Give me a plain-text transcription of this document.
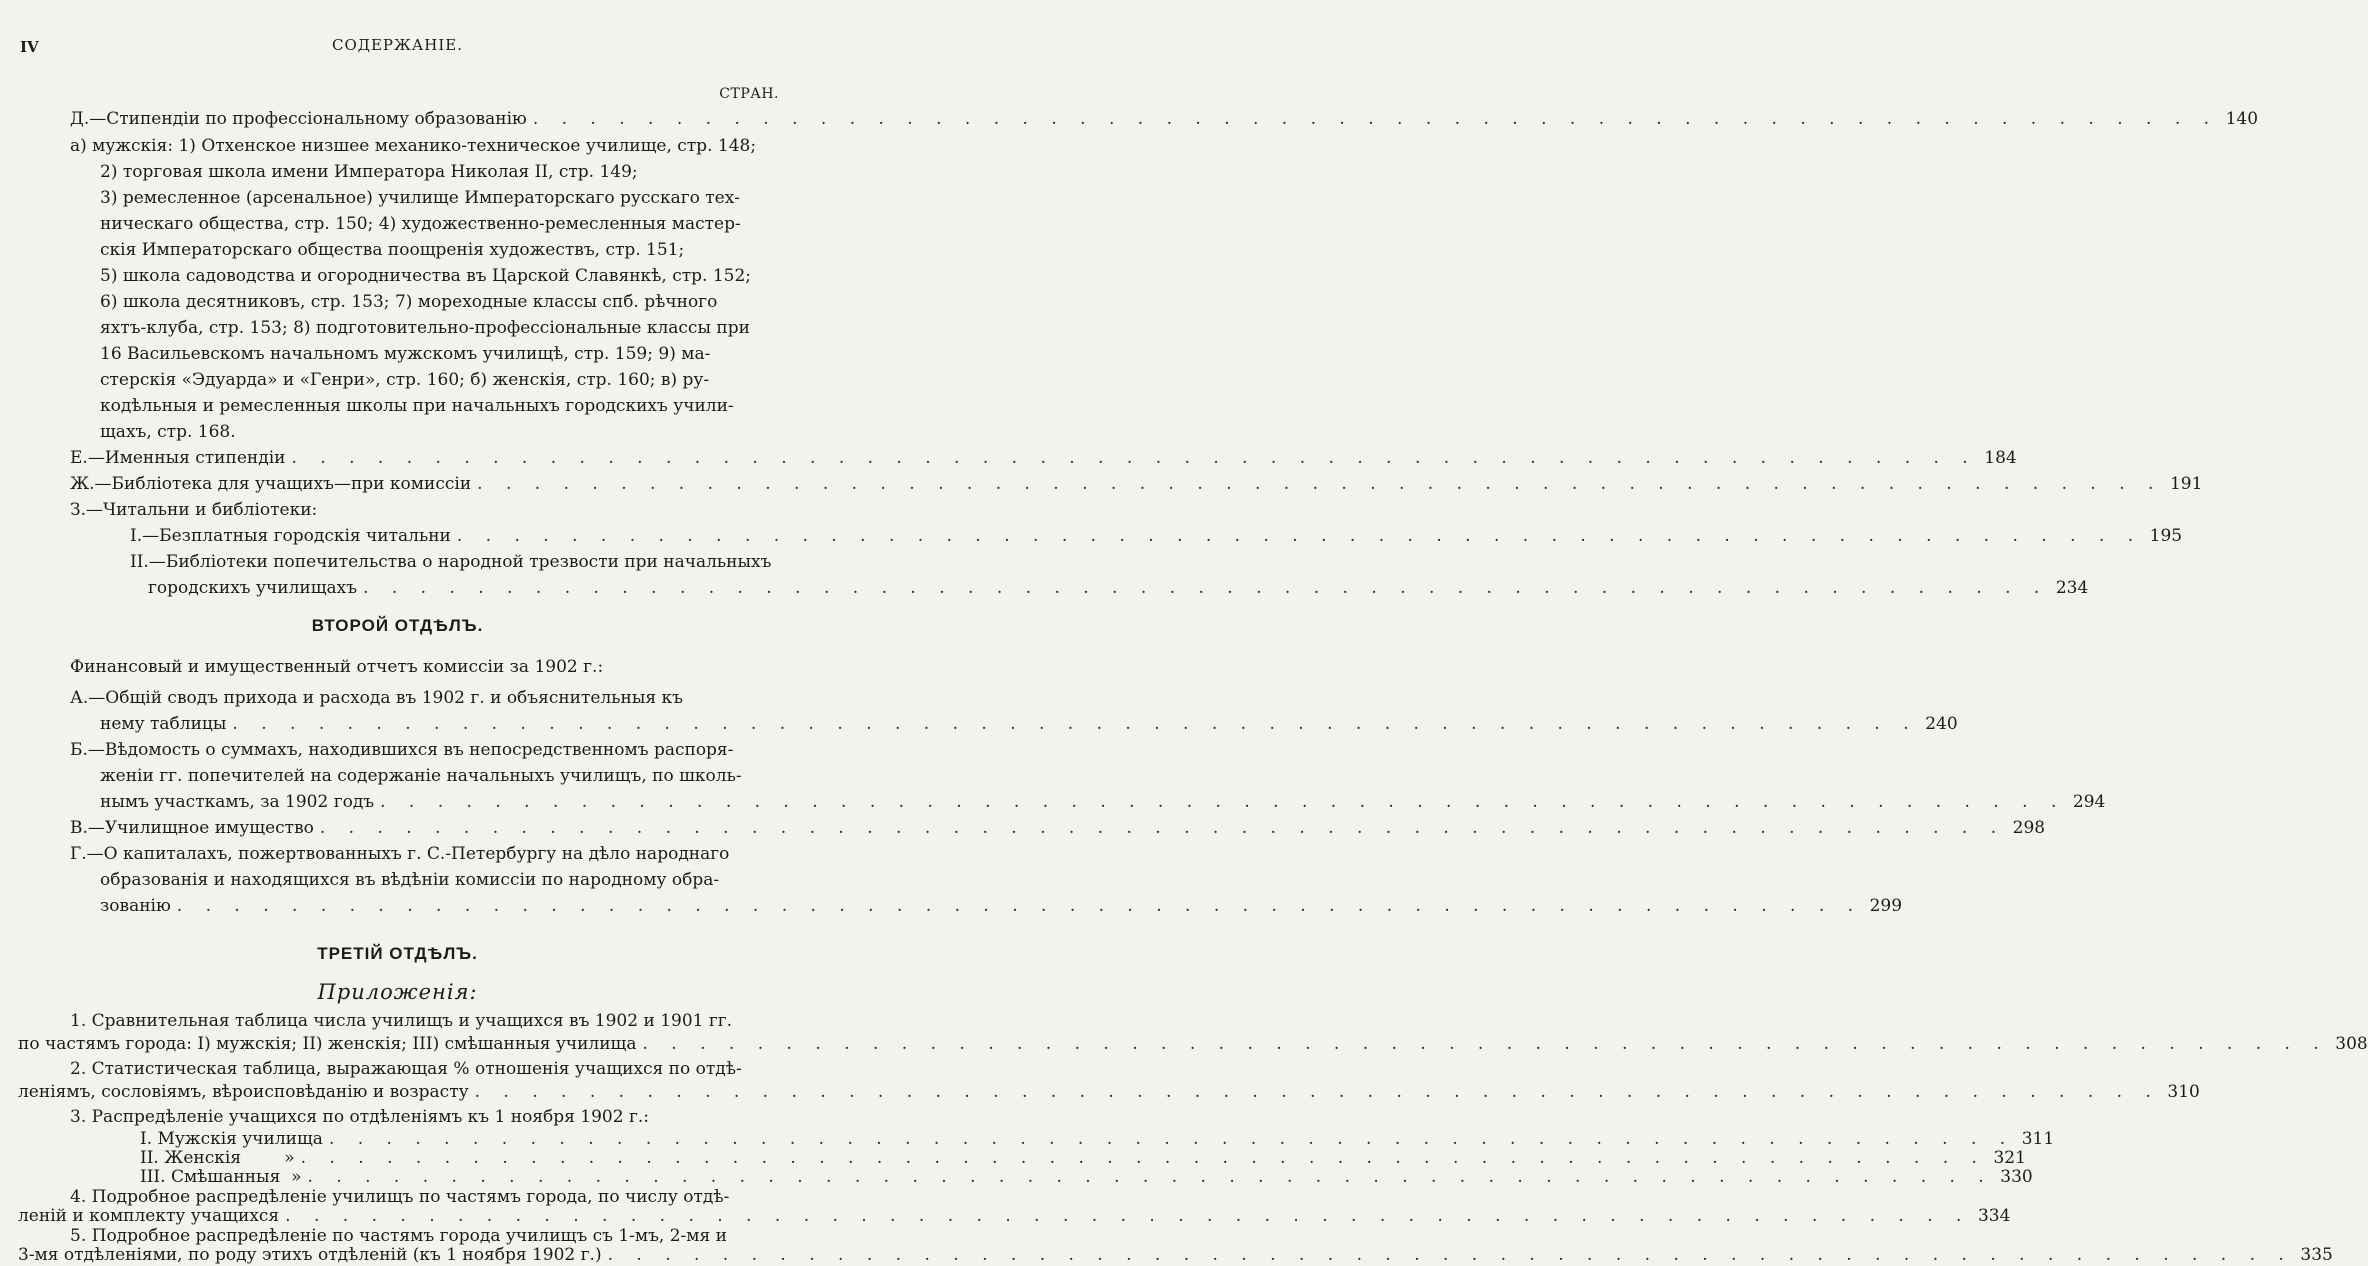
IV	СОДЕРЖАНІЕ.
СТРАН.
Д.—Стипендіи по профессіональному образованію . . . . . . . . . . . . . . . . . . . . . . . . . . . . . . . . . . . . . . . . . . . . . . . . . . . . . . . . . . . 140
а) мужскія: 1) Отхенское низшее механико-техническое училище, стр. 148;
2) торговая школа имени Императора Николая II, стр. 149;
3) ремесленное (арсенальное) училище Императорскаго русскаго тех-
ническаго общества, стр. 150; 4) художественно-ремесленныя мастер-
скія Императорскаго общества поощренія художествъ, стр. 151;
5) школа садоводства и огородничества въ Царской Славянкѣ, стр. 152;
6) школа десятниковъ, стр. 153; 7) мореходные классы спб. рѣчного
яхтъ-клуба, стр. 153; 8) подготовительно-профессіональные классы при
16 Васильевскомъ начальномъ мужскомъ училищѣ, стр. 159; 9) ма-
стерскія «Эдуарда» и «Генри», стр. 160; б) женскія, стр. 160; в) ру-
кодѣльныя и ремесленныя школы при начальныхъ городскихъ учили-
щахъ, стр. 168.
Е.—Именныя стипендіи . . . . . . . . . . . . . . . . . . . . . . . . . . . . . . . . . . . . . . . . . . . . . . . . . . . . . . . . . . . 184
Ж.—Библіотека для учащихъ—при комиссіи . . . . . . . . . . . . . . . . . . . . . . . . . . . . . . . . . . . . . . . . . . . . . . . . . . . . . . . . . . . 191
З.—Читальни и библіотеки:
I.—Безплатныя городскія читальни . . . . . . . . . . . . . . . . . . . . . . . . . . . . . . . . . . . . . . . . . . . . . . . . . . . . . . . . . . . 195
II.—Библіотеки попечительства о народной трезвости при начальныхъ
городскихъ училищахъ . . . . . . . . . . . . . . . . . . . . . . . . . . . . . . . . . . . . . . . . . . . . . . . . . . . . . . . . . . . 234
ВТОРОЙ ОТДѢЛЪ.
Финансовый и имущественный отчетъ комиссіи за 1902 г.:
А.—Общій сводъ прихода и расхода въ 1902 г. и объяснительныя къ
нему таблицы . . . . . . . . . . . . . . . . . . . . . . . . . . . . . . . . . . . . . . . . . . . . . . . . . . . . . . . . . . . 240
Б.—Вѣдомость о суммахъ, находившихся въ непосредственномъ распоря-
женіи гг. попечителей на содержаніе начальныхъ училищъ, по школь-
нымъ участкамъ, за 1902 годъ . . . . . . . . . . . . . . . . . . . . . . . . . . . . . . . . . . . . . . . . . . . . . . . . . . . . . . . . . . . 294
В.—Училищное имущество . . . . . . . . . . . . . . . . . . . . . . . . . . . . . . . . . . . . . . . . . . . . . . . . . . . . . . . . . . . 298
Г.—О капиталахъ, пожертвованныхъ г. С.-Петербургу на дѣло народнаго
образованія и находящихся въ вѣдѣніи комиссіи по народному обра-
зованію . . . . . . . . . . . . . . . . . . . . . . . . . . . . . . . . . . . . . . . . . . . . . . . . . . . . . . . . . . . 299
ТРЕТІЙ ОТДѢЛЪ.
Приложенія:
1. Сравнительная таблица числа училищъ и учащихся въ 1902 и 1901 гг.
по частямъ города: I) мужскія; II) женскія; III) смѣшанныя училища . . . . . . . . . . . . . . . . . . . . . . . . . . . . . . . . . . . . . . . . . . . . . . . . . . . . . . . . . . . 308
2. Статистическая таблица, выражающая % отношенія учащихся по отдѣ-
леніямъ, сословіямъ, вѣроисповѣданію и возрасту . . . . . . . . . . . . . . . . . . . . . . . . . . . . . . . . . . . . . . . . . . . . . . . . . . . . . . . . . . . 310
3. Распредѣленіе учащихся по отдѣленіямъ къ 1 ноября 1902 г.:
I. Мужскія училища . . . . . . . . . . . . . . . . . . . . . . . . . . . . . . . . . . . . . . . . . . . . . . . . . . . . . . . . . . . 311
II. Женскія        » . . . . . . . . . . . . . . . . . . . . . . . . . . . . . . . . . . . . . . . . . . . . . . . . . . . . . . . . . . . 321
III. Смѣшанныя  » . . . . . . . . . . . . . . . . . . . . . . . . . . . . . . . . . . . . . . . . . . . . . . . . . . . . . . . . . . . 330
4. Подробное распредѣленіе училищъ по частямъ города, по числу отдѣ-
леній и комплекту учащихся . . . . . . . . . . . . . . . . . . . . . . . . . . . . . . . . . . . . . . . . . . . . . . . . . . . . . . . . . . . 334
5. Подробное распредѣленіе по частямъ города училищъ съ 1-мъ, 2-мя и
3-мя отдѣленіями, по роду этихъ отдѣленій (къ 1 ноября 1902 г.) . . . . . . . . . . . . . . . . . . . . . . . . . . . . . . . . . . . . . . . . . . . . . . . . . . . . . . . . . . . 335
